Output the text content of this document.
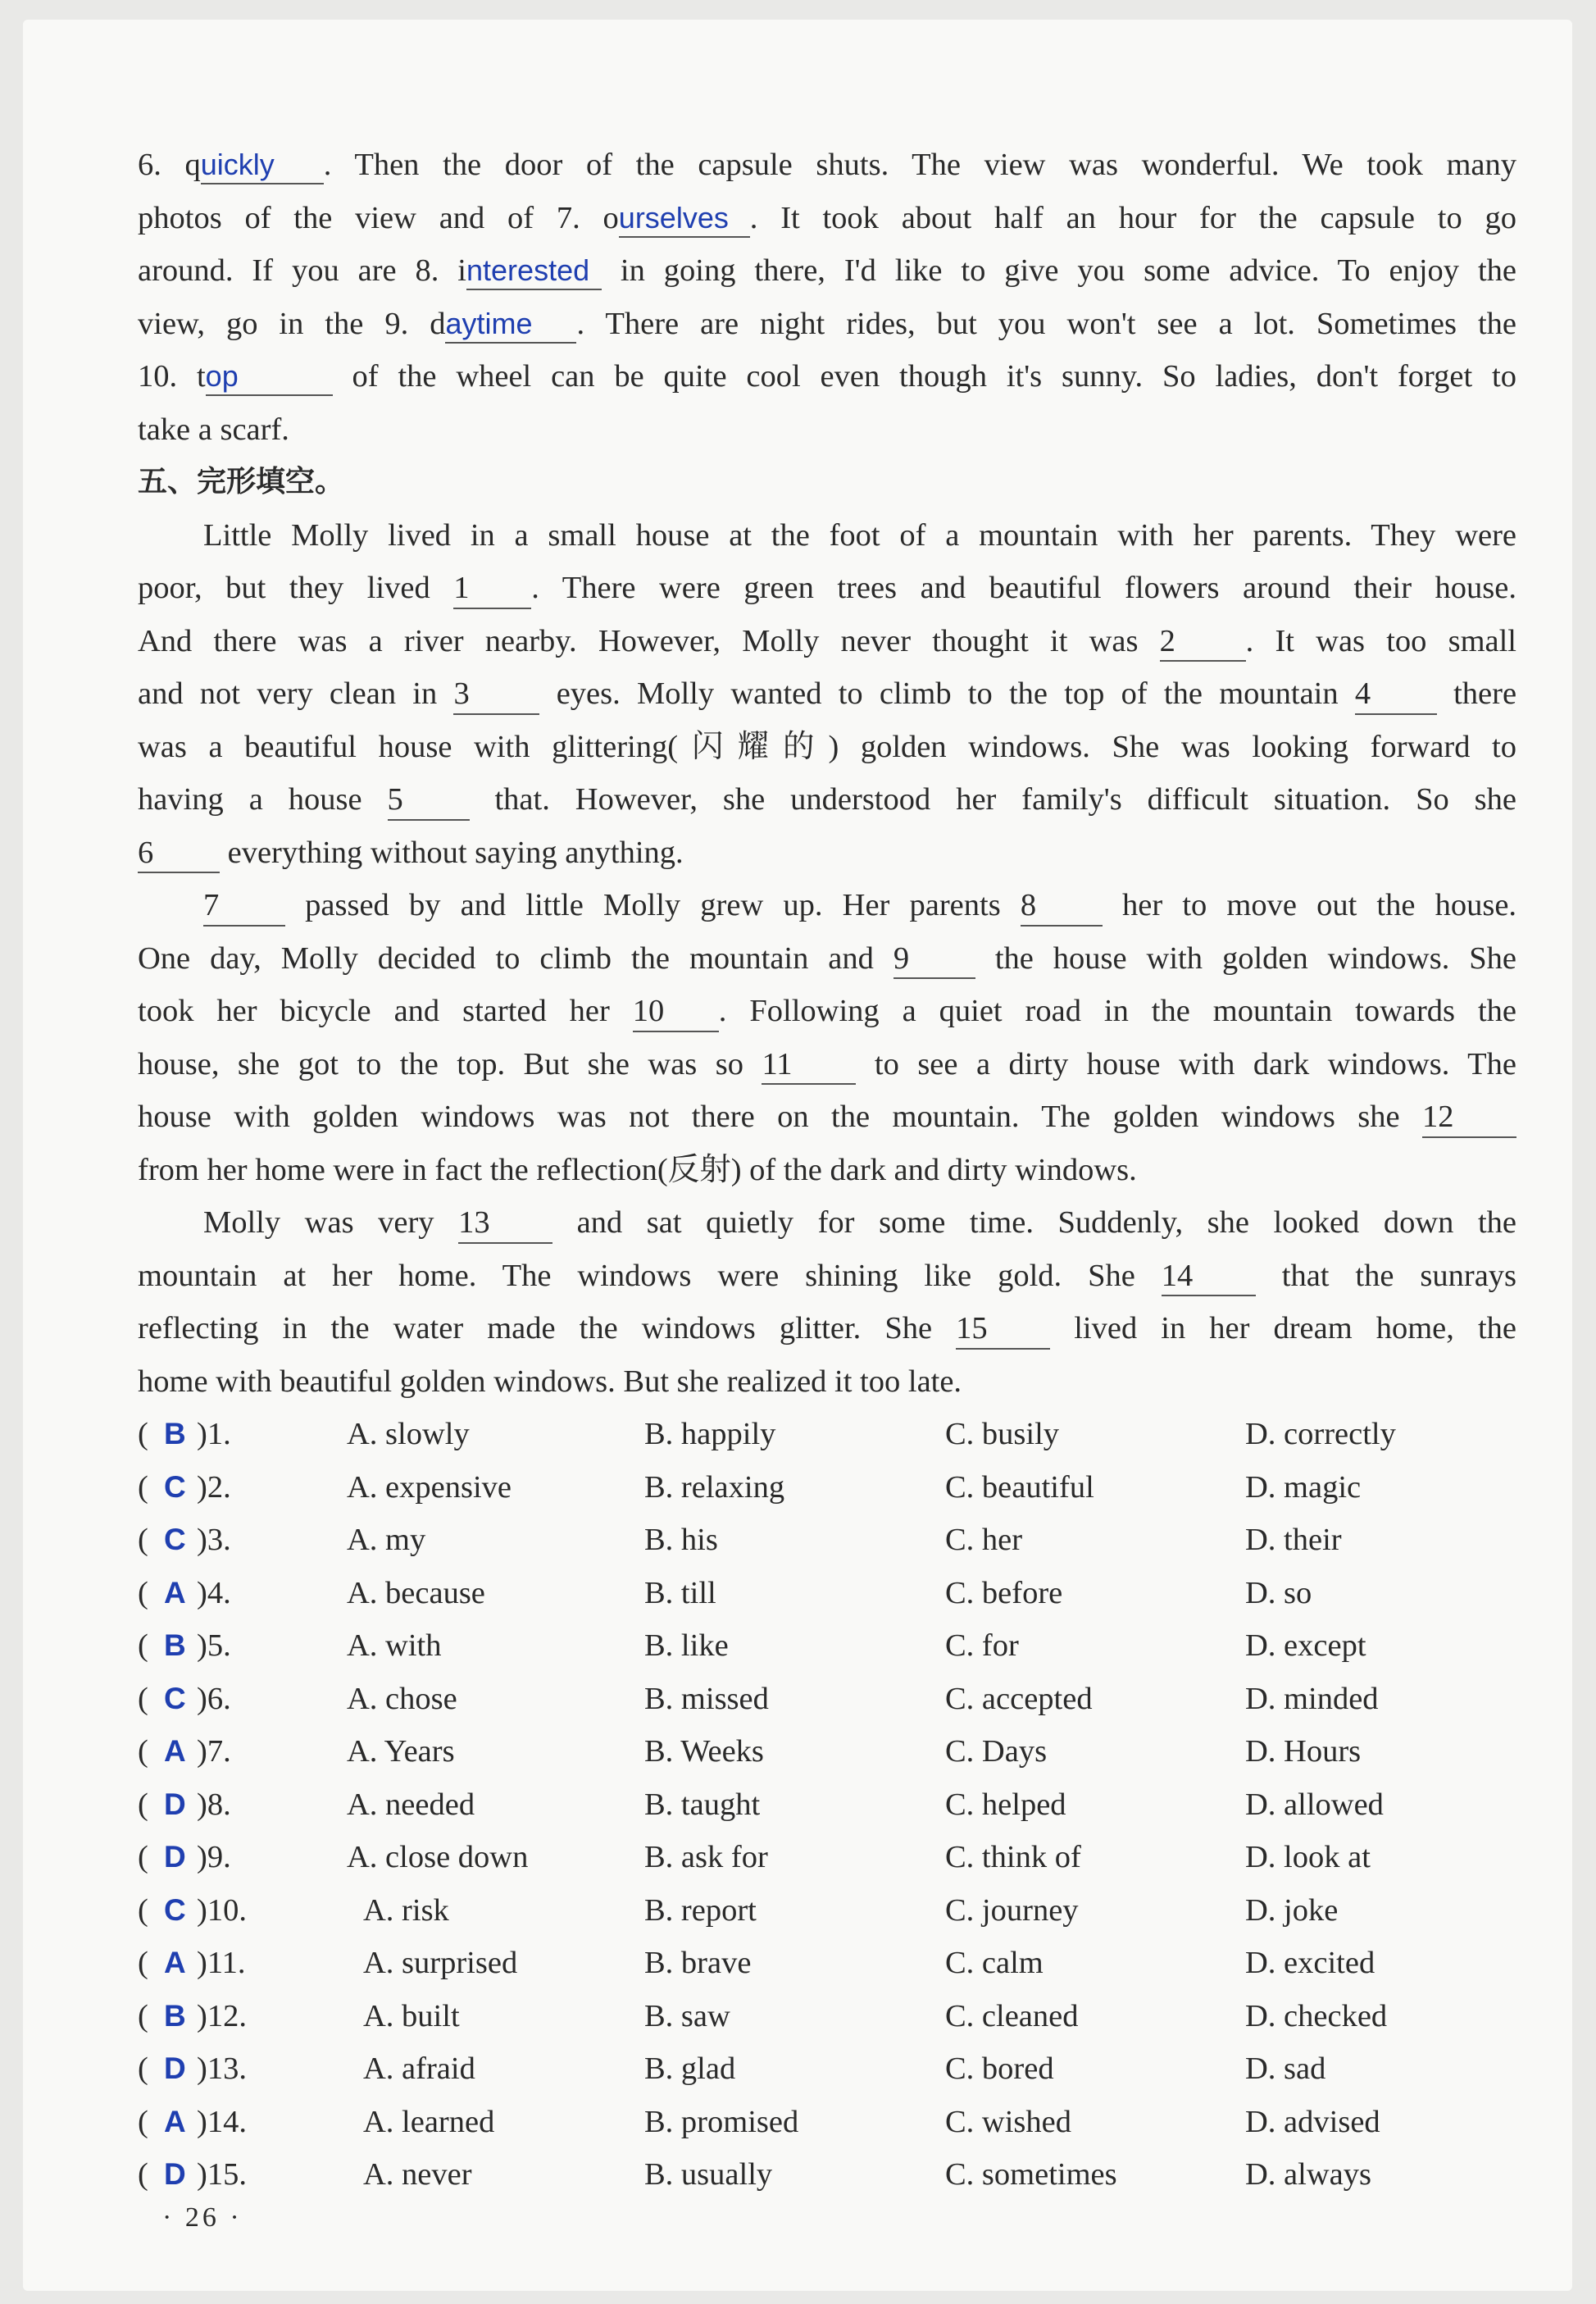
6. quickly . Then the door of the capsule shuts. The view was wonderful. We took many

photos of the view and of 7. ourselves . It took about half an hour for the capsule to go

around. If you are 8. interested in going there, I'd like to give you some advice. To enjoy the

view, go in the 9. daytime . There are night rides, but you won't see a lot. Sometimes the

10. top	of the wheel can be quite cool even though it's sunny. So ladies, don't forget to

take a scarf.

五、完形填空。

Little Molly lived in a small house at the foot of a mountain with her parents. They were

poor, but they lived 1 . There were green trees and beautiful flowers around their house.

And there was a river nearby. However, Molly never thought it was 2 . It was too small

and not very clean in 3	eyes. Molly wanted to climb to the top of the mountain 4	there

was a beautiful house with glittering(闪耀的) golden windows. She was looking forward to

having a house 5	that. However, she understood her family's difficult situation. So she

6 everything without saying anything.

7	passed by and little Molly grew up. Her parents 8	her to move out the house.

One day, Molly decided to climb the mountain and 9	the house with golden windows. She

took her bicycle and started her 10 . Following a quiet road in the mountain towards the

house, she got to the top. But she was so 11	to see a dirty house with dark windows. The

house with golden windows was not there on the mountain. The golden windows she 12

from her home were in fact the reflection(反射) of the dark and dirty windows.

Molly was very 13	and sat quietly for some time. Suddenly, she looked down the

mountain at her home. The windows were shining like gold. She 14	that the sunrays

reflecting in the water made the windows glitter. She 15	lived in her dream home, the

home with beautiful golden windows. But she realized it too late.

( B )1.	A. slowly	B. happily	C. busily	D. correctly
( C )2.	A. expensive	B. relaxing	C. beautiful	D. magic
( C )3.	A. my	B. his	C. her	D. their
( A )4.	A. because	B. till	C. before	D. so
( B )5.	A. with	B. like	C. for	D. except
( C )6.	A. chose	B. missed	C. accepted	D. minded
( A )7.	A. Years	B. Weeks	C. Days	D. Hours
( D )8.	A. needed	B. taught	C. helped	D. allowed
( D )9.	A. close down	B. ask for	C. think of	D. look at
( C )10.	A. risk	B. report	C. journey	D. joke
( A )11.	A. surprised	B. brave	C. calm	D. excited
( B )12.	A. built	B. saw	C. cleaned	D. checked
( D )13.	A. afraid	B. glad	C. bored	D. sad
( A )14.	A. learned	B. promised	C. wished	D. advised
( D )15.	A. never	B. usually	C. sometimes	D. always
· 26 ·
